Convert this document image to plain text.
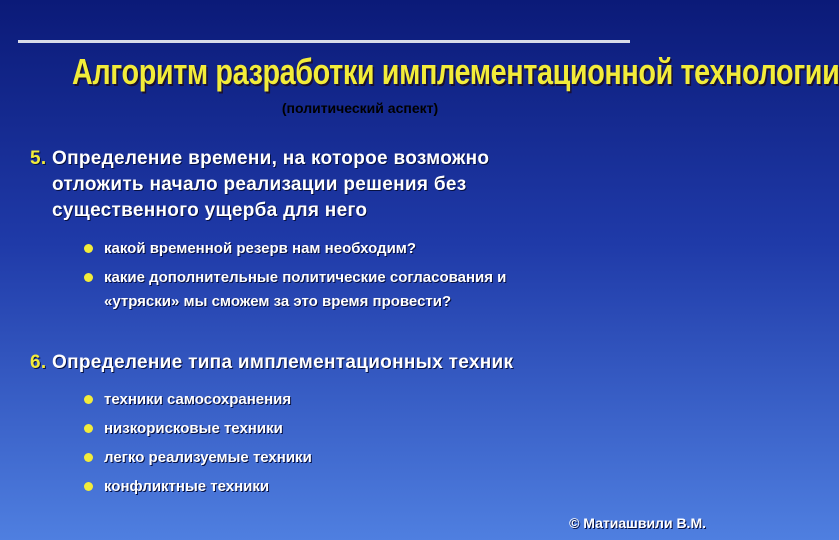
Алгоритм разработки имплементационной технологии
(политический аспект)
5. Определение времени, на которое возможно
отложить начало реализации решения без
существенного ущерба для него
какой временной резерв нам необходим?
какие дополнительные политические согласования и
«утряски» мы сможем за это время провести?
6. Определение типа имплементационных техник
техники самосохранения
низкорисковые техники
легко реализуемые техники
конфликтные техники
© Матиашвили В.М.
